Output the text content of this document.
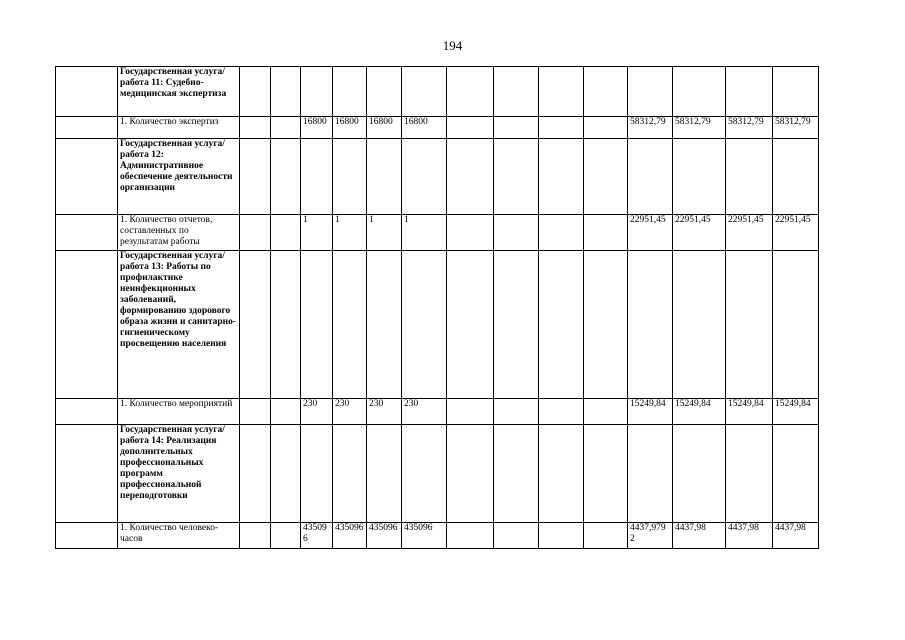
194
	Государственная услуга/работа 11: Судебно-медицинская экспертиза														
	1. Количество экспертиз			16800	16800	16800	16800					58312,79	58312,79	58312,79	58312,79
	Государственная услуга/работа 12: Административное обеспечение деятельности организации														
	1. Количество отчетов, составленных по результатам работы			1	1	1	1					22951,45	22951,45	22951,45	22951,45
	Государственная услуга/работа 13: Работы по профилактике неинфекционных заболеваний, формированию здорового образа жизни и санитарно-гигиеническому просвещению населения														
	1. Количество мероприятий			230	230	230	230					15249,84	15249,84	15249,84	15249,84
	Государственная услуга/работа 14: Реализация дополнительных профессиональных программ профессиональной переподготовки														
	1. Количество человеко-часов			435096	435096	435096	435096					4437,9792	4437,98	4437,98	4437,98
